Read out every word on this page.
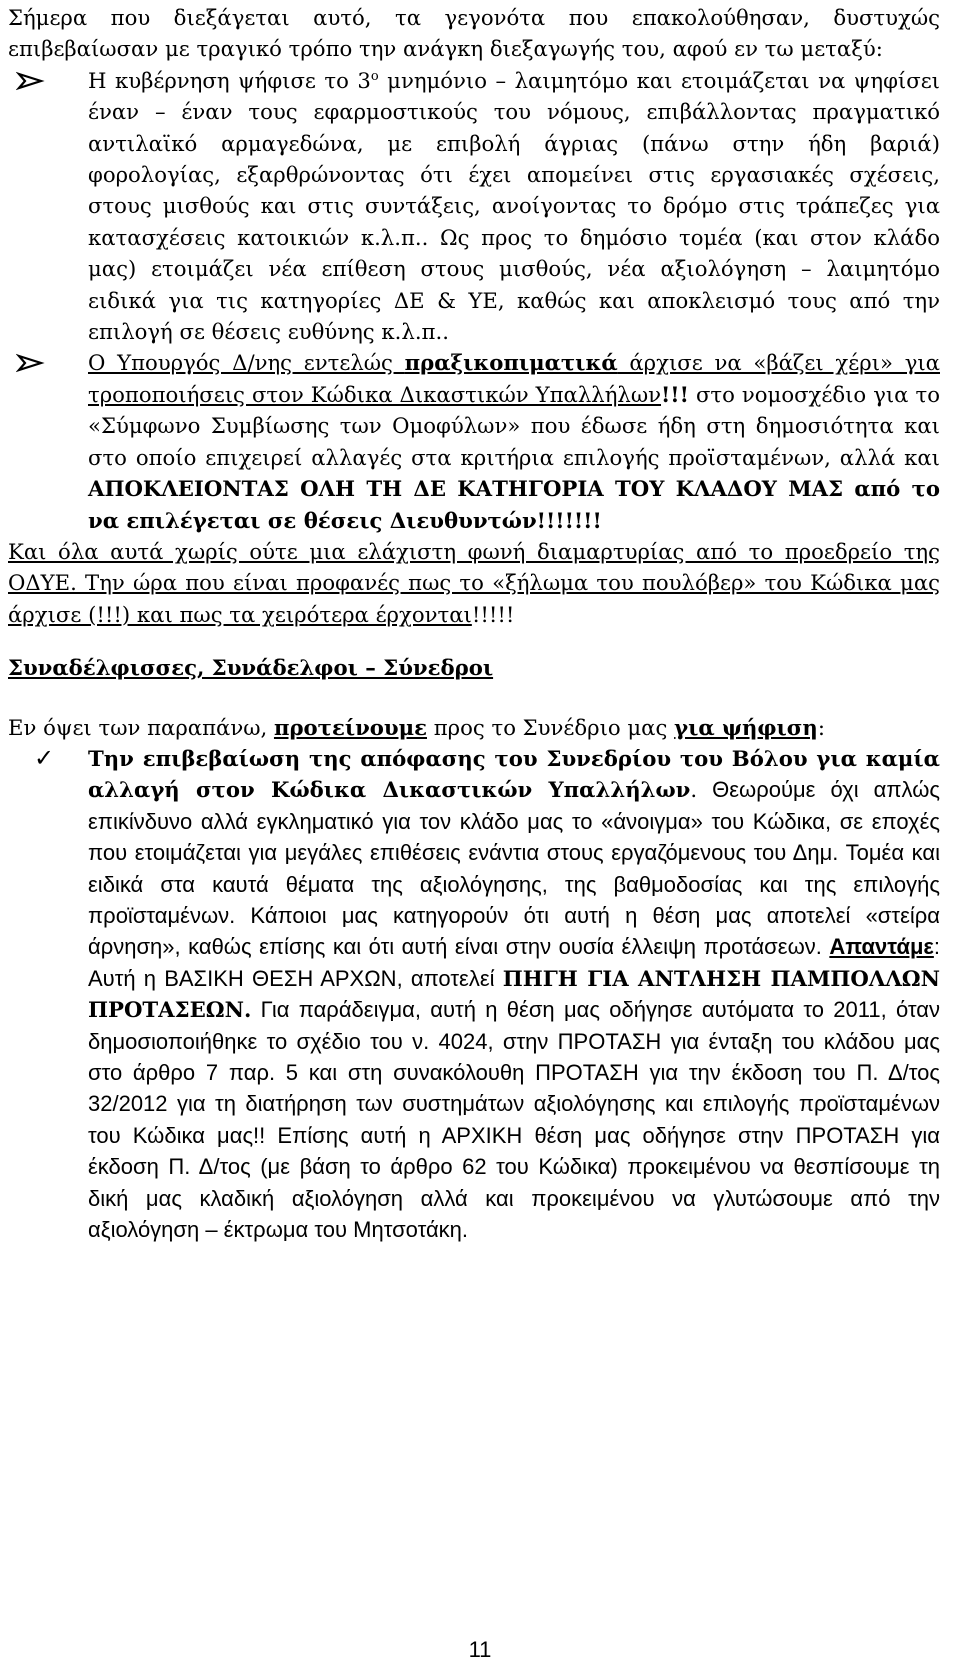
Σήμερα που διεξάγεται αυτό, τα γεγονότα που επακολούθησαν, δυστυχώς επιβεβαίωσαν με τραγικό τρόπο την ανάγκη διεξαγωγής του, αφού εν τω μεταξύ:

Η κυβέρνηση ψήφισε το $3^o$ μνημόνιο – λαιμητόμο και ετοιμάζεται να ψηφίσει έναν – έναν τους εφαρμοστικούς του νόμους, επιβάλλοντας πραγματικό αντιλαϊκό αρμαγεδώνα, με επιβολή άγριας (πάνω στην ήδη βαριά) φορολογίας, εξαρθρώνοντας ότι έχει απομείνει στις εργασιακές σχέσεις, στους μισθούς και στις συντάξεις, ανοίγοντας το δρόμο στις τράπεζες για κατασχέσεις κατοικιών κ.λ.π.. Ως προς το δημόσιο τομέα (και στον κλάδο μας) ετοιμάζει νέα επίθεση στους μισθούς, νέα αξιολόγηση – λαιμητόμο ειδικά για τις κατηγορίες ΔΕ & ΥΕ, καθώς και αποκλεισμό τους από την επιλογή σε θέσεις ευθύνης κ.λ.π..

Ο Υπουργός Δ/νης εντελώς πραξικοπιματικά άρχισε να «βάζει χέρι» για τροποποιήσεις στον Κώδικα Δικαστικών Υπαλλήλων!!! στο νομοσχέδιο για το «Σύμφωνο Συμβίωσης των Ομοφύλων» που έδωσε ήδη στη δημοσιότητα και στο οποίο επιχειρεί αλλαγές στα κριτήρια επιλογής προϊσταμένων, αλλά και ΑΠΟΚΛΕΙΟΝΤΑΣ ΟΛΗ ΤΗ ΔΕ ΚΑΤΗΓΟΡΙΑ ΤΟΥ ΚΛΑΔΟΥ ΜΑΣ από το να επιλέγεται σε θέσεις Διευθυντών!!!!!!!

Και όλα αυτά χωρίς ούτε μια ελάχιστη φωνή διαμαρτυρίας από το προεδρείο της ΟΔΥΕ. Την ώρα που είναι προφανές πως το «ξήλωμα του πουλόβερ» του Κώδικα μας άρχισε (!!!) και πως τα χειρότερα έρχονται!!!!!

Συναδέλφισσες, Συνάδελφοι – Σύνεδροι

Εν όψει των παραπάνω, προτείνουμε προς το Συνέδριο μας για ψήφιση:

✓ Την επιβεβαίωση της απόφασης του Συνεδρίου του Βόλου για καμία αλλαγή στον Κώδικα Δικαστικών Υπαλλήλων. Θεωρούμε όχι απλώς επικίνδυνο αλλά εγκληματικό για τον κλάδο μας το «άνοιγμα» του Κώδικα, σε εποχές που ετοιμάζεται για μεγάλες επιθέσεις ενάντια στους εργαζόμενους του Δημ. Τομέα και ειδικά στα καυτά θέματα της αξιολόγησης, της βαθμοδοσίας και της επιλογής προϊσταμένων. Κάποιοι μας κατηγορούν ότι αυτή η θέση μας αποτελεί «στείρα άρνηση», καθώς επίσης και ότι αυτή είναι στην ουσία έλλειψη προτάσεων. Απαντάμε: Αυτή η ΒΑΣΙΚΗ ΘΕΣΗ ΑΡΧΩΝ, αποτελεί ΠΗΓΗ ΓΙΑ ΑΝΤΛΗΣΗ ΠΑΜΠΟΛΛΩΝ ΠΡΟΤΑΣΕΩΝ. Για παράδειγμα, αυτή η θέση μας οδήγησε αυτόματα το 2011, όταν δημοσιοποιήθηκε το σχέδιο του ν. 4024, στην ΠΡΟΤΑΣΗ για ένταξη του κλάδου μας στο άρθρο 7 παρ. 5 και στη συνακόλουθη ΠΡΟΤΑΣΗ για την έκδοση του Π. Δ/τος 32/2012 για τη διατήρηση των συστημάτων αξιολόγησης και επιλογής προϊσταμένων του Κώδικα μας!! Επίσης αυτή η ΑΡΧΙΚΗ θέση μας οδήγησε στην ΠΡΟΤΑΣΗ για έκδοση Π. Δ/τος (με βάση το άρθρο 62 του Κώδικα) προκειμένου να θεσπίσουμε τη δική μας κλαδική αξιολόγηση αλλά και προκειμένου να γλυτώσουμε από την αξιολόγηση – έκτρωμα του Μητσοτάκη.

11
